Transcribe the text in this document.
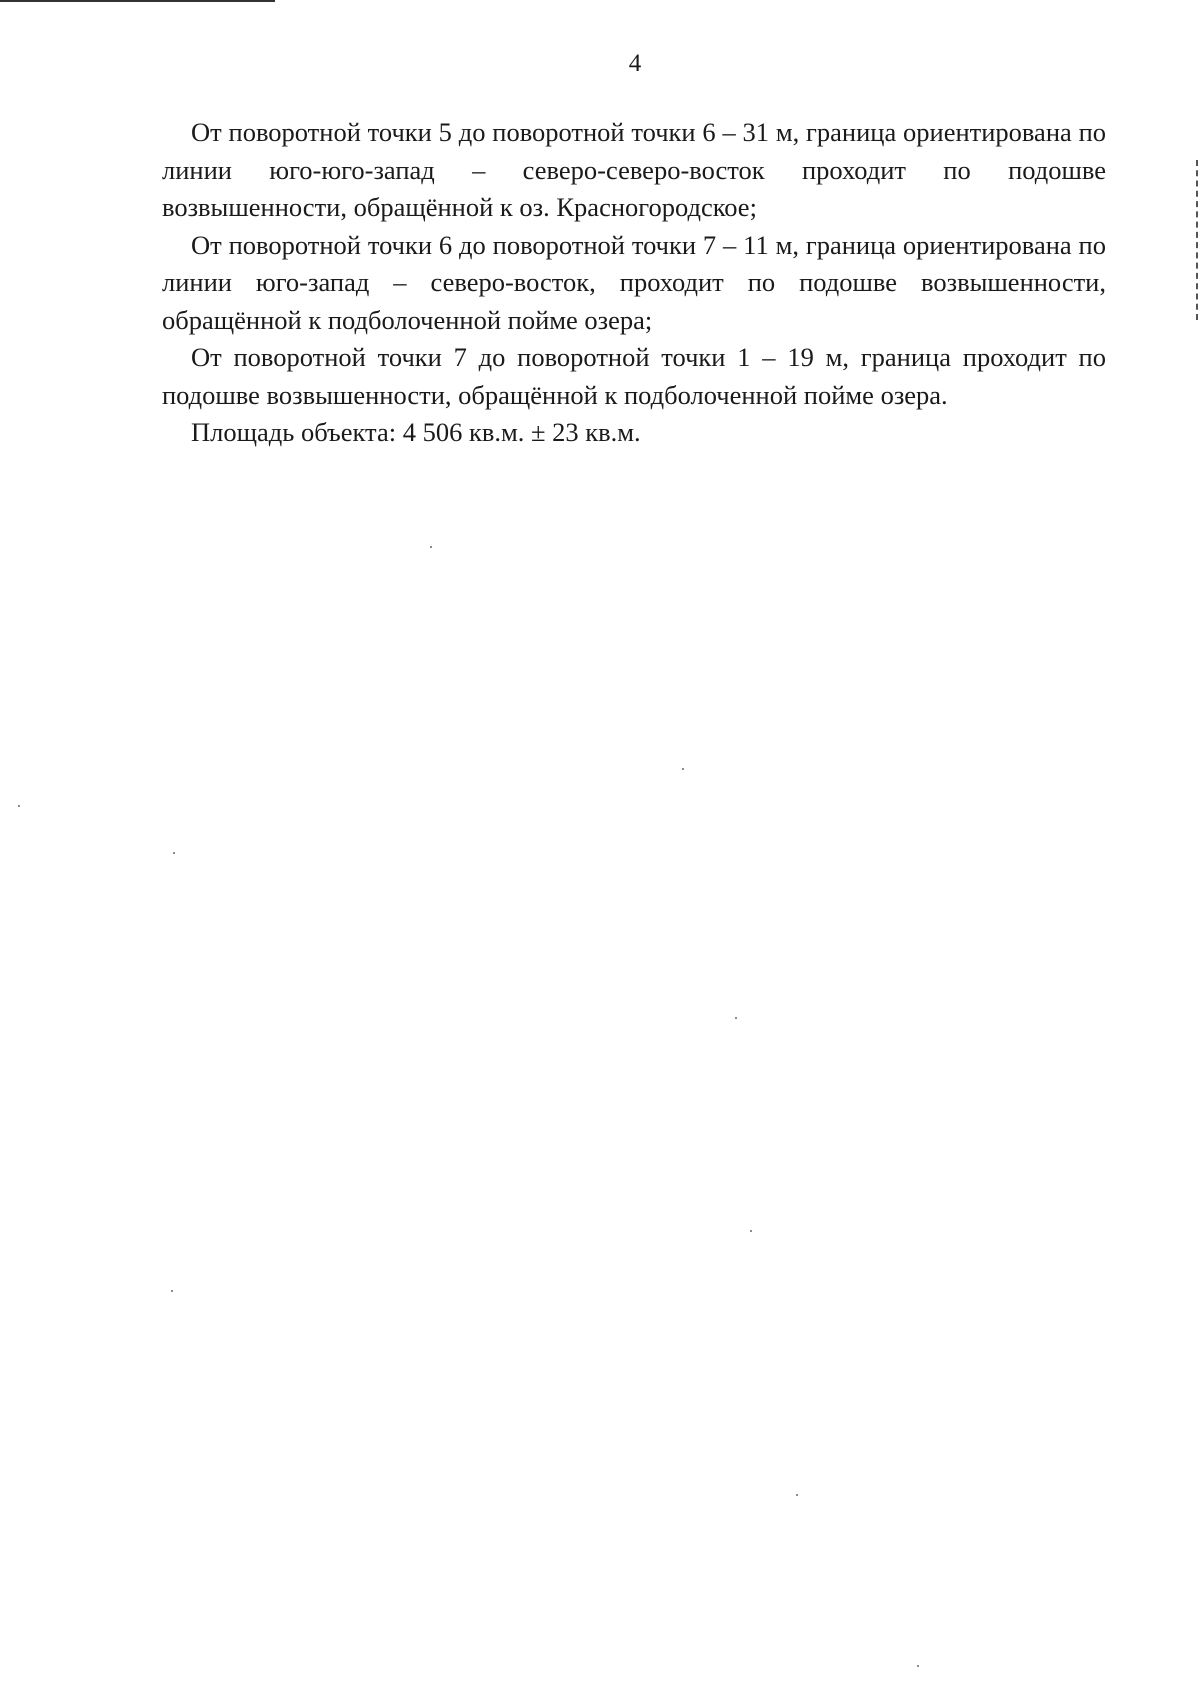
4

От поворотной точки 5 до поворотной точки 6 – 31 м, граница ориентирована по линии юго-юго-запад – северо-северо-восток проходит по подошве возвышенности, обращённой к оз. Красногородское;

От поворотной точки 6 до поворотной точки 7 – 11 м, граница ориентирована по линии юго-запад – северо-восток, проходит по подошве возвышенности, обращённой к подболоченной пойме озера;

От поворотной точки 7 до поворотной точки 1 – 19 м, граница проходит по подошве возвышенности, обращённой к подболоченной пойме озера.

Площадь объекта: 4 506 кв.м. ± 23 кв.м.
